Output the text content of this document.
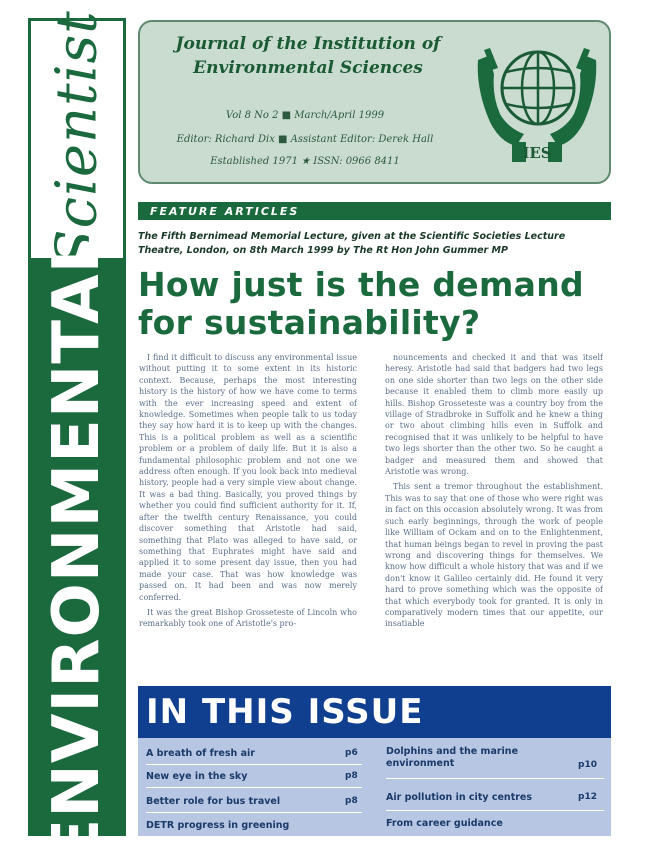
Scientist
ENVIRONMENTAL
Journal of the Institution of
Environmental Sciences
Vol 8 No 2 ■ March/April 1999
Editor: Richard Dix ■ Assistant Editor: Derek Hall
Established 1971 ★ ISSN: 0966 8411	IES
FEATURE ARTICLES
The Fifth Bernimead Memorial Lecture, given at the Scientific Societies Lecture Theatre, London, on 8th March 1999 by The Rt Hon John Gummer MP
How just is the demand for sustainability?

I find it difficult to discuss any environmental issue without putting it to some extent in its historic context. Because, perhaps the most interesting history is the history of how we have come to terms with the ever increasing speed and extent of knowledge. Sometimes when people talk to us today they say how hard it is to keep up with the changes. This is a political problem as well as a scientific problem or a problem of daily life. But it is also a fundamental philosophic problem and not one we address often enough. If you look back into medieval history, people had a very simple view about change. It was a bad thing. Basically, you proved things by whether you could find sufficient authority for it. If, after the twelfth century Renaissance, you could discover something that Aristotle had said, something that Plato was alleged to have said, or something that Euphrates might have said and applied it to some present day issue, then you had made your case. That was how knowledge was passed on. It had been and was now merely conferred.

It was the great Bishop Grosseteste of Lincoln who remarkably took one of Aristotle's pro-

nouncements and checked it and that was itself heresy. Aristotle had said that badgers had two legs on one side shorter than two legs on the other side because it enabled them to climb more easily up hills. Bishop Grosseteste was a country boy from the village of Stradbroke in Suffolk and he knew a thing or two about climbing hills even in Suffolk and recognised that it was unlikely to be helpful to have two legs shorter than the other two. So he caught a badger and measured them and showed that Aristotle was wrong.

This sent a tremor throughout the establishment. This was to say that one of those who were right was in fact on this occasion absolutely wrong. It was from such early beginnings, through the work of people like William of Ockam and on to the Enlightenment, that human beings began to revel in proving the past wrong and discovering things for themselves. We know how difficult a whole history that was and if we don't know it Galileo certainly did. He found it very hard to prove something which was the opposite of that which everybody took for granted. It is only in comparatively modern times that our appetite, our insatiable

IN THIS ISSUE
A breath of fresh air	p6
New eye in the sky	p8
Better role for bus travel	p8
DETR progress in greening
Dolphins and the marine environment	p10
Air pollution in city centres	p12
From career guidance
